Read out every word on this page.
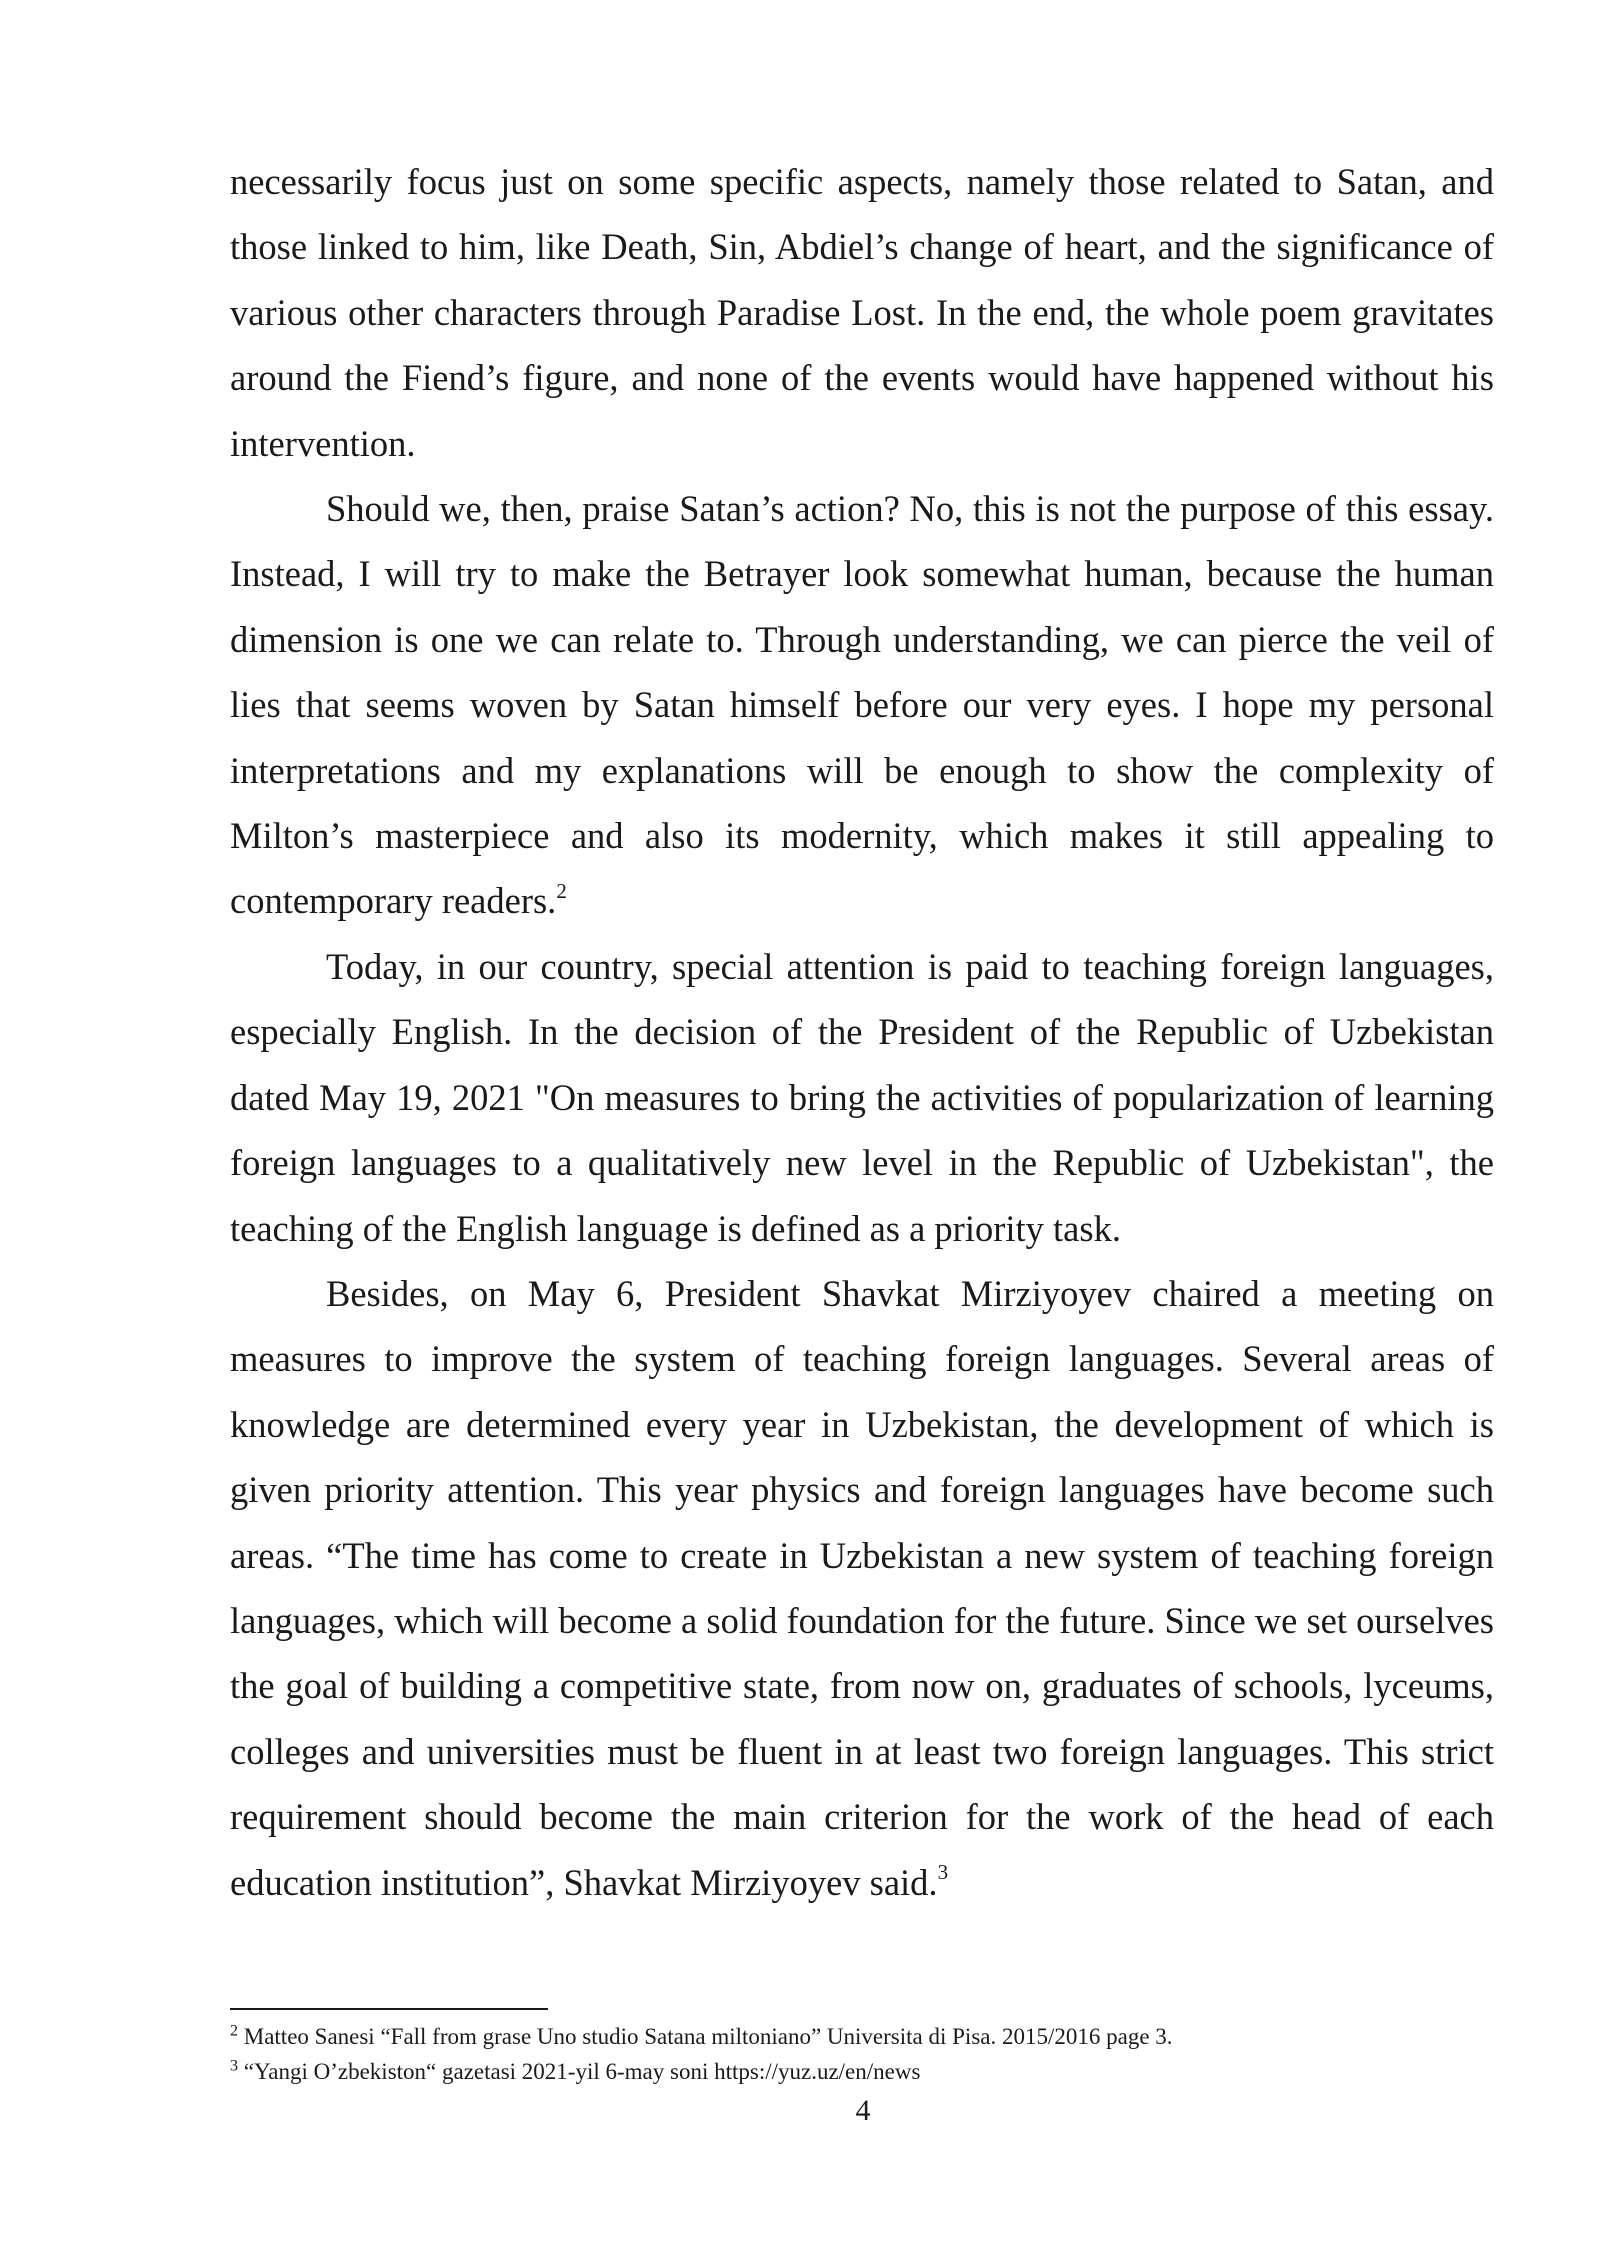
necessarily focus just on some specific aspects, namely those related to Satan, and those linked to him, like Death, Sin, Abdiel’s change of heart, and the significance of various other characters through Paradise Lost. In the end, the whole poem gravitates around the Fiend’s figure, and none of the events would have happened without his intervention.

Should we, then, praise Satan’s action? No, this is not the purpose of this essay. Instead, I will try to make the Betrayer look somewhat human, because the human dimension is one we can relate to. Through understanding, we can pierce the veil of lies that seems woven by Satan himself before our very eyes. I hope my personal interpretations and my explanations will be enough to show the complexity of Milton’s masterpiece and also its modernity, which makes it still appealing to contemporary readers.$^2$

Today, in our country, special attention is paid to teaching foreign languages, especially English. In the decision of the President of the Republic of Uzbekistan dated May 19, 2021 "On measures to bring the activities of popularization of learning foreign languages to a qualitatively new level in the Republic of Uzbekistan", the teaching of the English language is defined as a priority task.

Besides, on May 6, President Shavkat Mirziyoyev chaired a meeting on measures to improve the system of teaching foreign languages. Several areas of knowledge are determined every year in Uzbekistan, the development of which is given priority attention. This year physics and foreign languages have become such areas. “The time has come to create in Uzbekistan a new system of teaching foreign languages, which will become a solid foundation for the future. Since we set ourselves the goal of building a competitive state, from now on, graduates of schools, lyceums, colleges and universities must be fluent in at least two foreign languages. This strict requirement should become the main criterion for the work of the head of each education institution”, Shavkat Mirziyoyev said.$^3$

$^2$ Matteo Sanesi “Fall from grase Uno studio Satana miltoniano” Universita di Pisa. 2015/2016 page 3.

$^3$ “Yangi O’zbekiston“ gazetasi 2021-yil 6-may soni https://yuz.uz/en/news

4
